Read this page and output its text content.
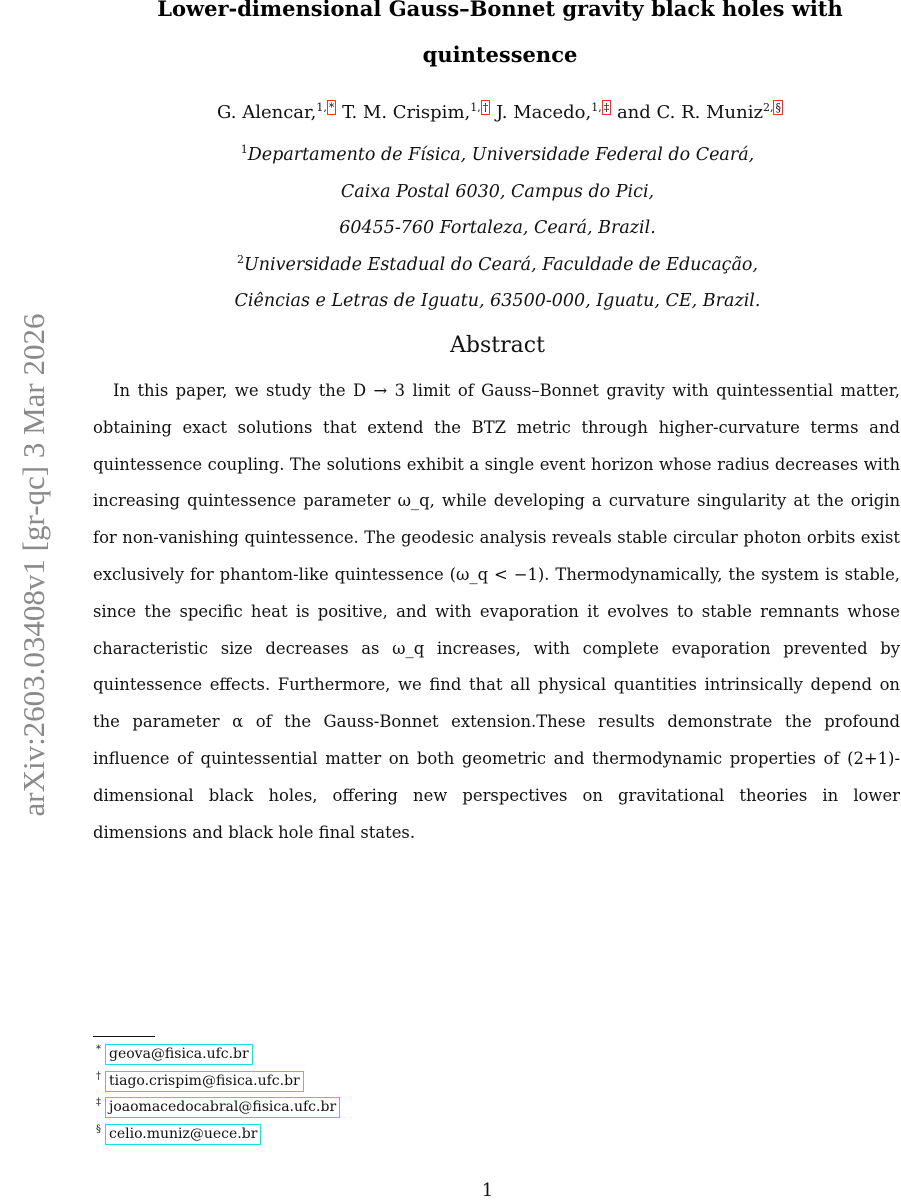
arXiv:2603.03408v1 [gr-qc] 3 Mar 2026
Lower-dimensional Gauss–Bonnet gravity black holes with
quintessence
G. Alencar,$^{1,}$ * T. M. Crispim,$^{1,}$ † J. Macedo,$^{1,}$ ‡ and C. R. Muniz$^{2,}$ §
$^1$Departamento de Física, Universidade Federal do Ceará,
Caixa Postal 6030, Campus do Pici,
60455-760 Fortaleza, Ceará, Brazil.
$^2$Universidade Estadual do Ceará, Faculdade de Educação,
Ciências e Letras de Iguatu, 63500-000, Iguatu, CE, Brazil.
Abstract

In this paper, we study the D → 3 limit of Gauss–Bonnet gravity with quintessential matter, obtaining exact solutions that extend the BTZ metric through higher-curvature terms and quintessence coupling. The solutions exhibit a single event horizon whose radius decreases with increasing quintessence parameter ω_q, while developing a curvature singularity at the origin for non-vanishing quintessence. The geodesic analysis reveals stable circular photon orbits exist exclusively for phantom-like quintessence (ω_q < −1). Thermodynamically, the system is stable, since the specific heat is positive, and with evaporation it evolves to stable remnants whose characteristic size decreases as ω_q increases, with complete evaporation prevented by quintessence effects. Furthermore, we find that all physical quantities intrinsically depend on the parameter α of the Gauss-Bonnet extension.These results demonstrate the profound influence of quintessential matter on both geometric and thermodynamic properties of (2+1)-dimensional black holes, offering new perspectives on gravitational theories in lower dimensions and black hole final states.

* geova@fisica.ufc.br
† tiago.crispim@fisica.ufc.br
‡ joaomacedocabral@fisica.ufc.br
§ celio.muniz@uece.br
1
